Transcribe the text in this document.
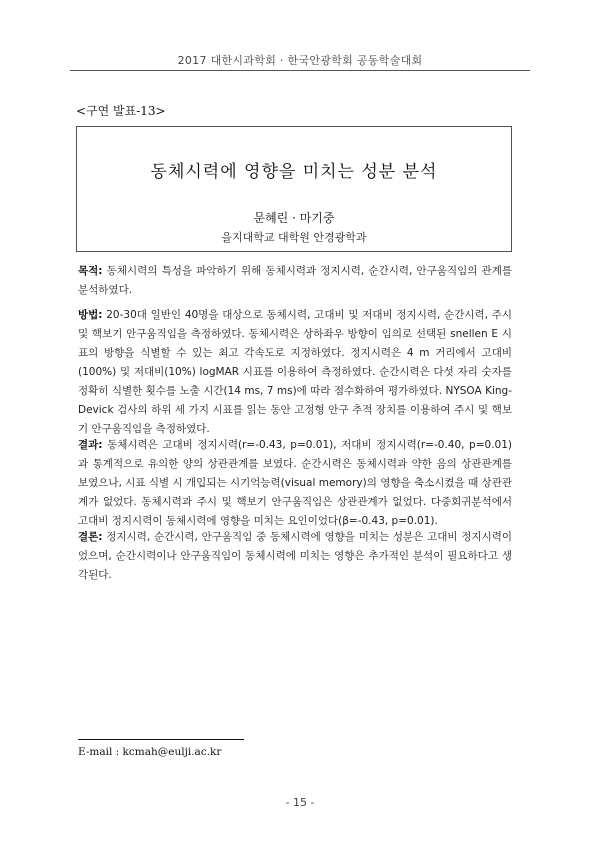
2017 대한시과학회 · 한국안광학회 공동학술대회
<구연 발표-13>
동체시력에 영향을 미치는 성분 분석
문혜린 · 마기중
을지대학교 대학원 안경광학과
목적: 동체시력의 특성을 파악하기 위해 동체시력과 정지시력, 순간시력, 안구움직임의 관계를 분석하였다.
방법: 20-30대 일반인 40명을 대상으로 동체시력, 고대비 및 저대비 정지시력, 순간시력, 주시 및 핵보기 안구움직임을 측정하였다. 동체시력은 상하좌우 방향이 임의로 선택된 snellen E 시표의 방향을 식별할 수 있는 최고 각속도로 지정하였다. 정지시력은 4 m 거리에서 고대비(100%) 및 저대비(10%) logMAR 시표를 이용하여 측정하였다. 순간시력은 다섯 자리 숫자를 정확히 식별한 횟수를 노출 시간(14 ms, 7 ms)에 따라 점수화하여 평가하였다. NYSOA King-Devick 검사의 하위 세 가지 시표를 읽는 동안 고정형 안구 추적 장치를 이용하여 주시 및 핵보기 안구움직임을 측정하였다.
결과: 동체시력은 고대비 정지시력(r=-0.43, p=0.01), 저대비 정지시력(r=-0.40, p=0.01)과 통계적으로 유의한 양의 상관관계를 보였다. 순간시력은 동체시력과 약한 음의 상관관계를 보였으나, 시표 식별 시 개입되는 시기억능력(visual memory)의 영향을 축소시켰을 때 상관관계가 없었다. 동체시력과 주시 및 핵보기 안구움직임은 상관관계가 없었다. 다중회귀분석에서 고대비 정지시력이 동체시력에 영향을 미치는 요인이었다(β=-0.43, p=0.01).
결론: 정지시력, 순간시력, 안구움직임 중 동체시력에 영향을 미치는 성분은 고대비 정지시력이었으며, 순간시력이나 안구움직임이 동체시력에 미치는 영향은 추가적인 분석이 필요하다고 생각된다.
E-mail : kcmah@eulji.ac.kr
- 15 -
